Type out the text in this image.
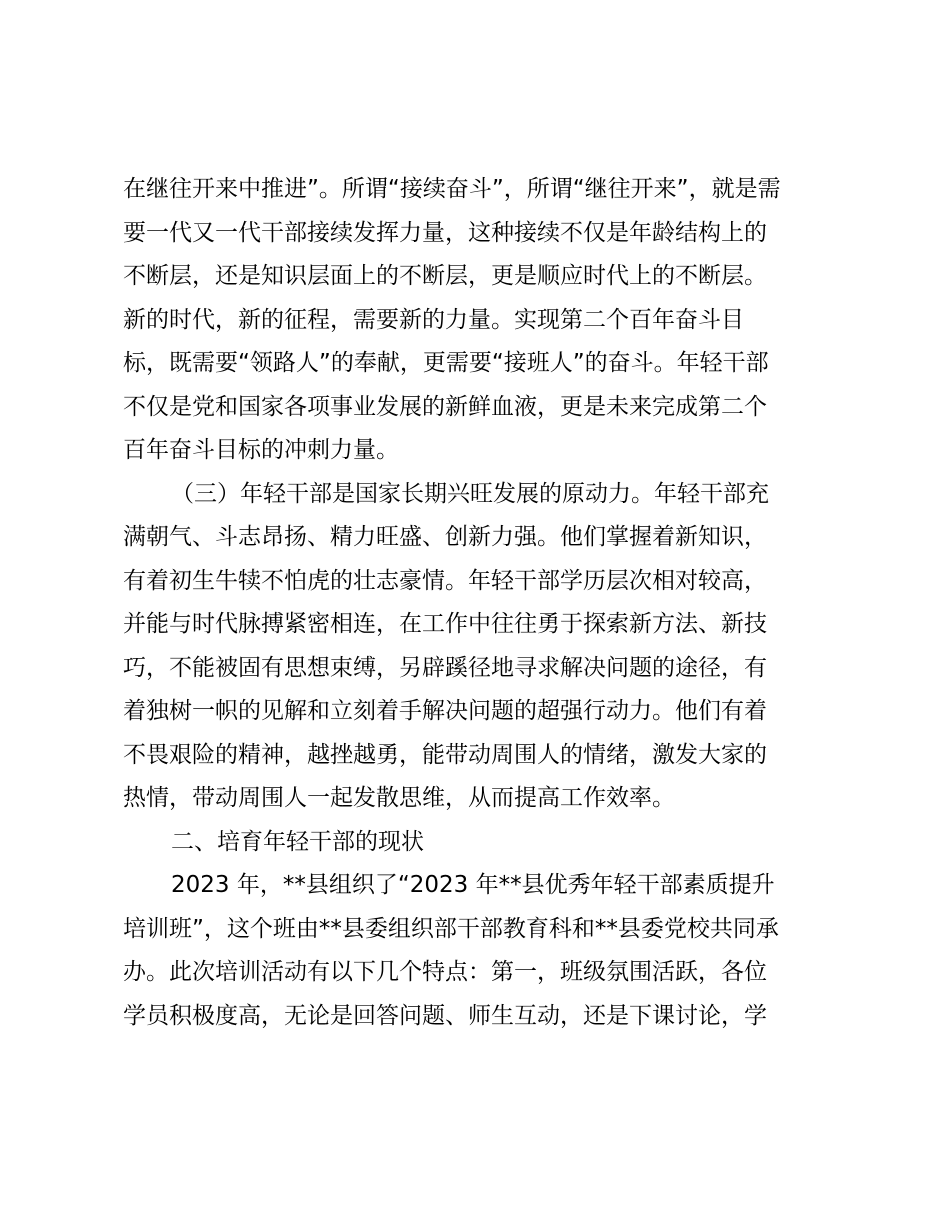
在继往开来中推进”。所谓“接续奋斗”，所谓“继往开来”，就是需
要一代又一代干部接续发挥力量，这种接续不仅是年龄结构上的
不断层，还是知识层面上的不断层，更是顺应时代上的不断层。
新的时代，新的征程，需要新的力量。实现第二个百年奋斗目
标，既需要“领路人”的奉献，更需要“接班人”的奋斗。年轻干部
不仅是党和国家各项事业发展的新鲜血液，更是未来完成第二个
百年奋斗目标的冲刺力量。
（三）年轻干部是国家长期兴旺发展的原动力。年轻干部充
满朝气、斗志昂扬、精力旺盛、创新力强。他们掌握着新知识，
有着初生牛犊不怕虎的壮志豪情。年轻干部学历层次相对较高，
并能与时代脉搏紧密相连，在工作中往往勇于探索新方法、新技
巧，不能被固有思想束缚，另辟蹊径地寻求解决问题的途径，有
着独树一帜的见解和立刻着手解决问题的超强行动力。他们有着
不畏艰险的精神，越挫越勇，能带动周围人的情绪，激发大家的
热情，带动周围人一起发散思维，从而提高工作效率。
二、培育年轻干部的现状
2023 年，**县组织了“2023 年**县优秀年轻干部素质提升
培训班”，这个班由**县委组织部干部教育科和**县委党校共同承
办。此次培训活动有以下几个特点：第一，班级氛围活跃，各位
学员积极度高，无论是回答问题、师生互动，还是下课讨论，学
